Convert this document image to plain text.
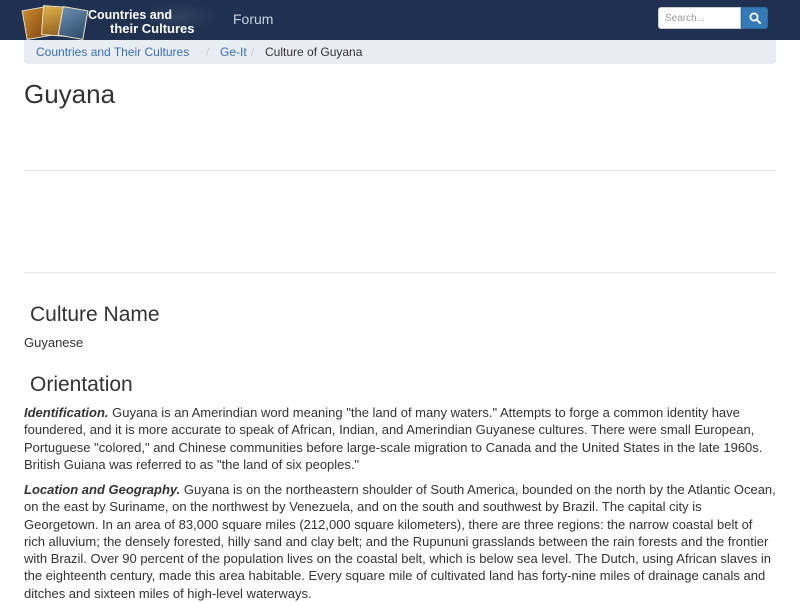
Countries and
their Cultures
Forum
Search...
Countries and Their Cultures / Ge-It / Culture of Guyana
Guyana
Culture Name

Guyanese

Orientation

Identification. Guyana is an Amerindian word meaning "the land of many waters." Attempts to forge a common identity have foundered, and it is more accurate to speak of African, Indian, and Amerindian Guyanese cultures. There were small European, Portuguese "colored," and Chinese communities before large-scale migration to Canada and the United States in the late 1960s. British Guiana was referred to as "the land of six peoples."

Location and Geography. Guyana is on the northeastern shoulder of South America, bounded on the north by the Atlantic Ocean, on the east by Suriname, on the northwest by Venezuela, and on the south and southwest by Brazil. The capital city is Georgetown. In an area of 83,000 square miles (212,000 square kilometers), there are three regions: the narrow coastal belt of rich alluvium; the densely forested, hilly sand and clay belt; and the Rupununi grasslands between the rain forests and the frontier with Brazil. Over 90 percent of the population lives on the coastal belt, which is below sea level. The Dutch, using African slaves in the eighteenth century, made this area habitable. Every square mile of cultivated land has forty-nine miles of drainage canals and ditches and sixteen miles of high-level waterways.
